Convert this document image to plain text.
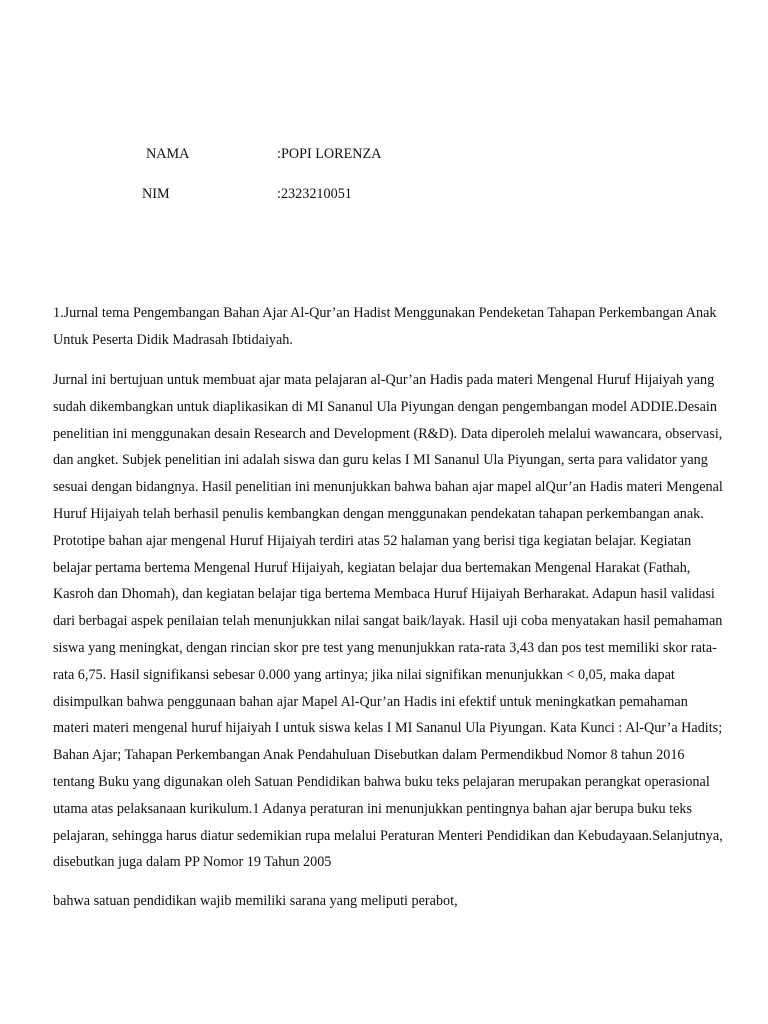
NAMA	:POPI LORENZA
NIM	:2323210051
1.Jurnal tema Pengembangan Bahan Ajar Al-Qur’an Hadist Menggunakan Pendeketan Tahapan Perkembangan Anak
Untuk Peserta Didik Madrasah Ibtidaiyah.
Jurnal ini bertujuan untuk membuat ajar mata pelajaran al-Qur’an Hadis pada materi Mengenal Huruf Hijaiyah yang
sudah dikembangkan untuk diaplikasikan di MI Sananul Ula Piyungan dengan pengembangan model ADDIE.Desain
penelitian ini menggunakan desain Research and Development (R&D). Data diperoleh melalui wawancara, observasi,
dan angket. Subjek penelitian ini adalah siswa dan guru kelas I MI Sananul Ula Piyungan, serta para validator yang
sesuai dengan bidangnya. Hasil penelitian ini menunjukkan bahwa bahan ajar mapel alQur’an Hadis materi Mengenal
Huruf Hijaiyah telah berhasil penulis kembangkan dengan menggunakan pendekatan tahapan perkembangan anak.
Prototipe bahan ajar mengenal Huruf Hijaiyah terdiri atas 52 halaman yang berisi tiga kegiatan belajar. Kegiatan
belajar pertama bertema Mengenal Huruf Hijaiyah, kegiatan belajar dua bertemakan Mengenal Harakat (Fathah,
Kasroh dan Dhomah), dan kegiatan belajar tiga bertema Membaca Huruf Hijaiyah Berharakat. Adapun hasil validasi
dari berbagai aspek penilaian telah menunjukkan nilai sangat baik/layak. Hasil uji coba menyatakan hasil pemahaman
siswa yang meningkat, dengan rincian skor pre test yang menunjukkan rata-rata 3,43 dan pos test memiliki skor rata-
rata 6,75. Hasil signifikansi sebesar 0.000 yang artinya; jika nilai signifikan menunjukkan < 0,05, maka dapat
disimpulkan bahwa penggunaan bahan ajar Mapel Al-Qur’an Hadis ini efektif untuk meningkatkan pemahaman
materi materi mengenal huruf hijaiyah I untuk siswa kelas I MI Sananul Ula Piyungan. Kata Kunci : Al-Qur’a Hadits;
Bahan Ajar; Tahapan Perkembangan Anak Pendahuluan Disebutkan dalam Permendikbud Nomor 8 tahun 2016
tentang Buku yang digunakan oleh Satuan Pendidikan bahwa buku teks pelajaran merupakan perangkat operasional
utama atas pelaksanaan kurikulum.1 Adanya peraturan ini menunjukkan pentingnya bahan ajar berupa buku teks
pelajaran, sehingga harus diatur sedemikian rupa melalui Peraturan Menteri Pendidikan dan Kebudayaan.Selanjutnya,
disebutkan juga dalam PP Nomor 19 Tahun 2005
bahwa satuan pendidikan wajib memiliki sarana yang meliputi perabot,
